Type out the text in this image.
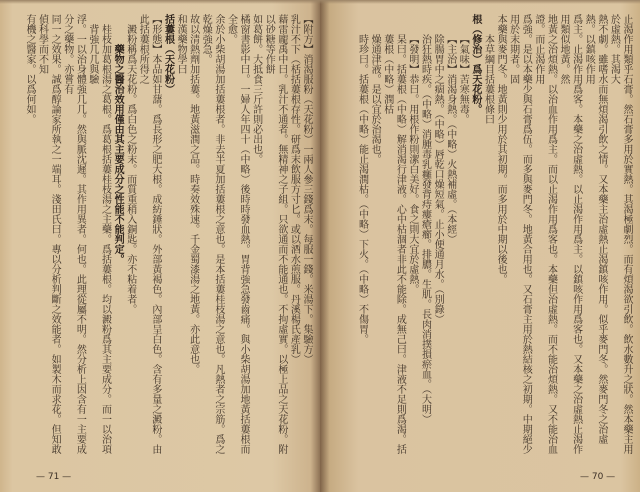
止渴作用類乎石膏。然石膏多用於實熱。其渴極劇烈。而有煩渴欲引飲。飲水數升之狀。然本藥主用於虛熱。其渴大
熱不劇。雖嗜水而無煩渴引飲之情。又本藥主治虛熱止渴鎮咳作用。似乎麥門冬。然麥門冬之治虛熱。以鎮咳作用
爲主。止渴作用爲客。本藥之治虛熱。以止渴作用爲主。以鎮咳作用爲客也。又本藥之治虛熱止渴作用類似地黃。然
地黃之治煩熱。以治血作用爲主。而以止渴作用爲客也。本藥但治虛熱。而不能治煩熱。又不能治血證。而止渴作用
爲強。是以本藥少與石膏爲伍。而多與麥門冬。地黃合用也。又石膏主用於熱結核之初期。中期絕少用於末期者。固
本藥與麥門冬。地黃則少用於其初期。而多用於中期以後也。
本草綱目括蔞根條曰
根（修治）爲天花粉。
【氣味】苦寒無毒。
【主治】消渴身熱。（中略）火熱補虛。（本經）
除腸胃中之痼熱。（中略）唇乾口燥短氣。止小便通月水。（別錄）
治狂熱時疾。（中略）消腫毒乳癰發背痔瘻瘡癤。排膿。生肌。長肉消撲損瘀血。（大明）
【發明】恭曰。用根作粉則潔白美好。食之則大宜於虛熱。
杲曰。括蔞根（中略）解消渴行津液。心中枯涸者非此不能除。成無己曰。津液不足則爲渴。括蔞根（中略）潤枯
燥通津液。是以宜於治渴也。
時珍曰。括蔞根（中略）能止渴潤枯。（中略）下火。（中略）不傷胃。
【附方】消渴服粉（天花粉）一兩人參三錢爲末。每服一錢。米湯下。集驗方）
乳汁不下（栝括蔞根存性。研爲末飲服方寸匕。或以酒水煎服。丹溪楊氏產乳）
藉雷龐禹中曰。乳汁不通者。無精神之子組。只欲通而不能通也。不拘虛實。以極上品之天花粉。附以砂糖等作餅
如葛餅。大抵食三斤許則必出也。
橘窗書影中曰。一婦人年四十（中略）後時時發血熱。胃背強急發齒痛。與小柴胡湯加地黃括蔞根而全愈。
余於小柴胡湯加括蔞根者。非去半夏加括蔞根之意也。是本括蔞桂枝湯之意也。凡熱者之宗筋。爲之乾燥強急。
故以清熱劑加括蔞。地黃滋潤之品。時奏效殊速。千金蜀漆湯之地黃。亦此意也。
和漢藥物學曰
括蔞根（天花粉）
【形態】本品如甘藷。爲長形之肥大根。成紡錘狀。外部黃褐色。內部呈白色。含有多量之澱粉。由此括蔞根所得之
澱粉稱爲天花粉。爲白色之粉末。而質重稍入銅匙。亦不粘着者。
藥物之醫治效用僅由其主要成分之性能不能判定。
桂枝加葛根湯之葛根。爲葛根括蔞桂枝湯之主藥。爲括蔞根。均以澱粉爲其主要成分。而一以治項背強几几與驗
浮。一以治身體強几几。然與脈沈遲。其作用異者。何也。此理從屬不明。然分析上因含有一主要成分之藥物。亦嘗有
同一之效果。誠爲醇論家所執之一端耳。淺田氏曰。專以分析判斷之效能者。如製木而求花。但知敢偵科學而不知
有機之醫家。以爲何如。
— 71 —	— 70 —
